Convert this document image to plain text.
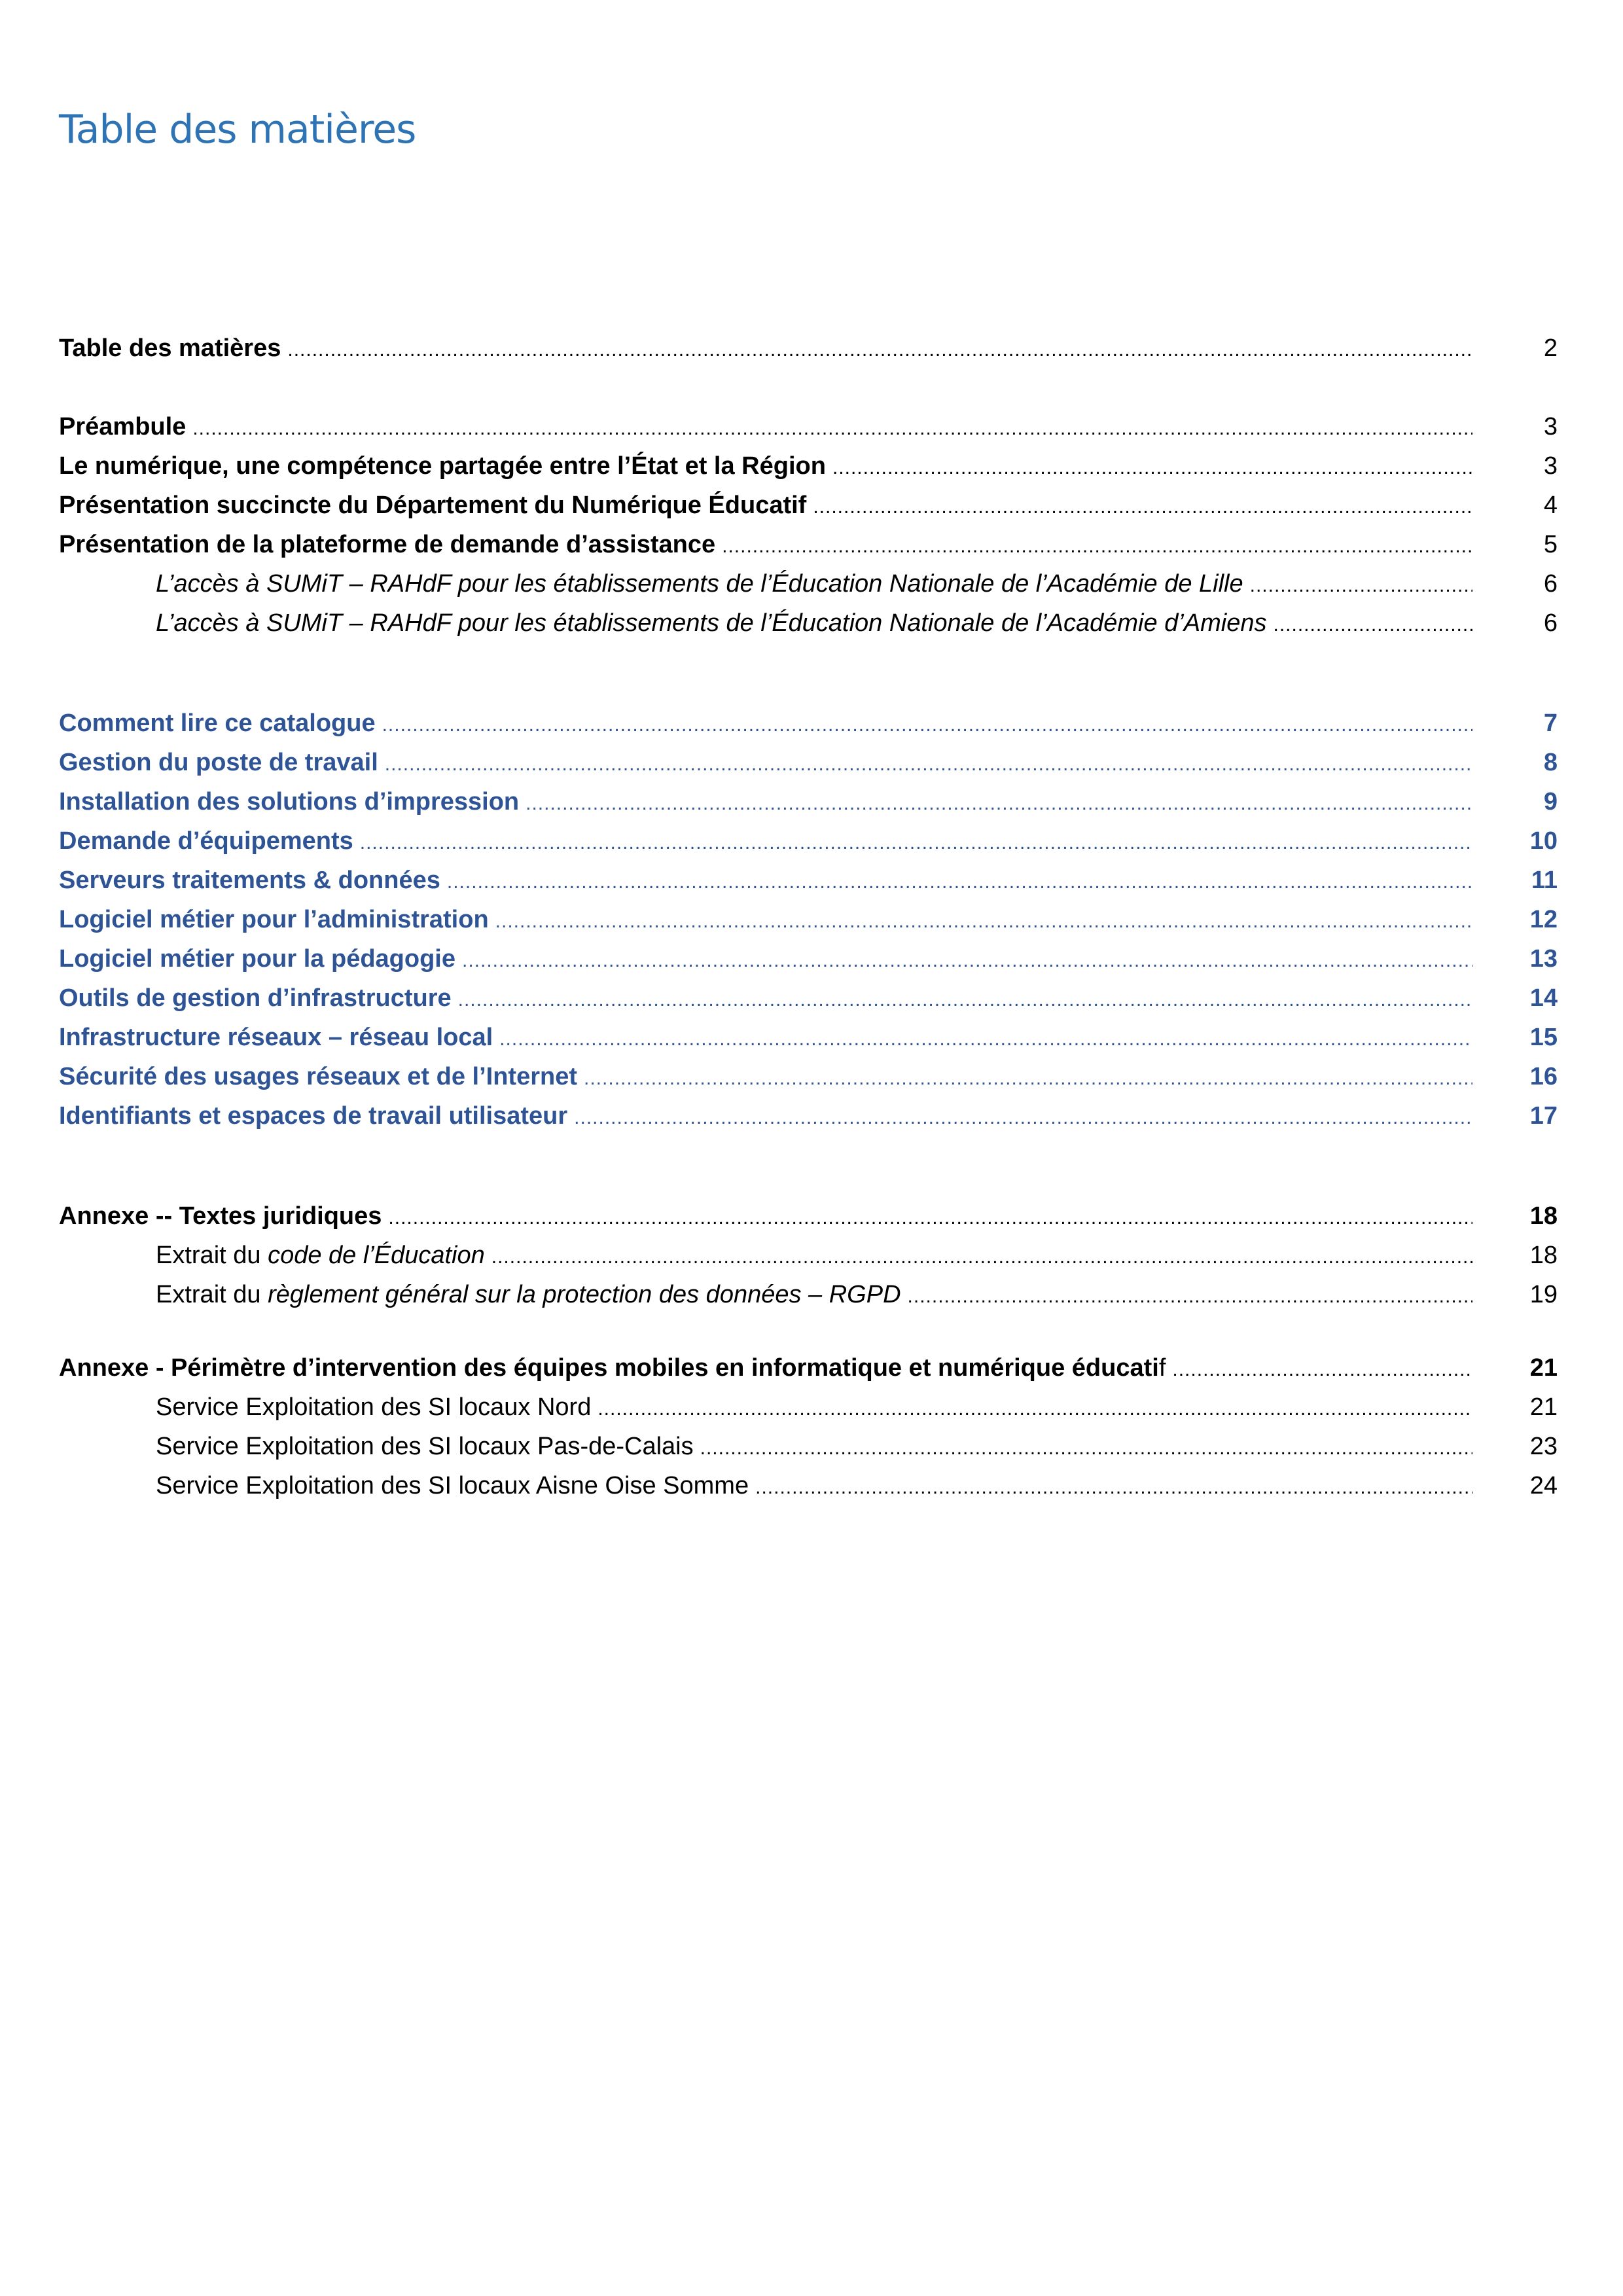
Table des matières
Table des matières .....	2
Préambule .....	3
Le numérique, une compétence partagée entre l’État et la Région .....	3
Présentation succincte du Département du Numérique Éducatif .....	4
Présentation de la plateforme de demande d’assistance .....	5
L’accès à SUMiT – RAHdF pour les établissements de l’Éducation Nationale de l’Académie de Lille .....	6
L’accès à SUMiT – RAHdF pour les établissements de l’Éducation Nationale de l’Académie d’Amiens .....	6
Comment lire ce catalogue .....	7
Gestion du poste de travail .....	8
Installation des solutions d’impression .....	9
Demande d’équipements .....	10
Serveurs traitements & données .....	11
Logiciel métier pour l’administration .....	12
Logiciel métier pour la pédagogie .....	13
Outils de gestion d’infrastructure .....	14
Infrastructure réseaux – réseau local .....	15
Sécurité des usages réseaux et de l’Internet .....	16
Identifiants et espaces de travail utilisateur .....	17
Annexe -- Textes juridiques .....	18
Extrait du code de l’Éducation .....	18
Extrait du règlement général sur la protection des données – RGPD .....	19
Annexe - Périmètre d’intervention des équipes mobiles en informatique et numérique éducatif .....	21
Service Exploitation des SI locaux Nord .....	21
Service Exploitation des SI locaux Pas-de-Calais .....	23
Service Exploitation des SI locaux Aisne Oise Somme .....	24
